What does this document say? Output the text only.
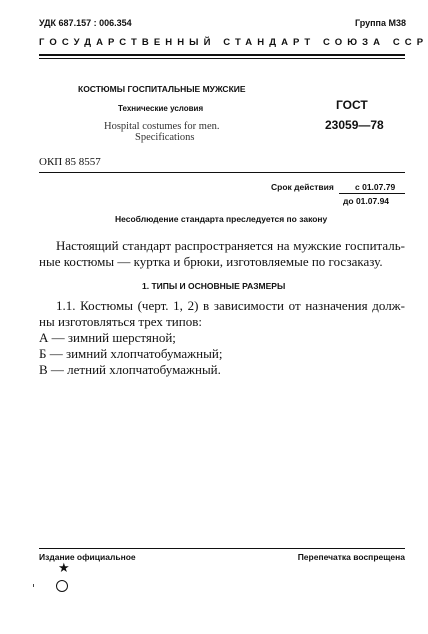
УДК 687.157 : 006.354	Группа М38
ГОСУДАРСТВЕННЫЙ СТАНДАРТ СОЮЗА ССР
КОСТЮМЫ ГОСПИТАЛЬНЫЕ МУЖСКИЕ
Технические условия
Hospital costumes for men.
Specifications
ГОСТ
23059—78
ОКП 85 8557
Срок действия с 01.07.79
до 01.07.94
Несоблюдение стандарта преследуется по закону
Настоящий стандарт распространяется на мужские госпиталь-
ные костюмы — куртка и брюки, изготовляемые по госзаказу.
1. ТИПЫ И ОСНОВНЫЕ РАЗМЕРЫ
1.1. Костюмы (черт. 1, 2) в зависимости от назначения долж-
ны изготовляться трех типов:
А — зимний шерстяной;
Б — зимний хлопчатобумажный;
В — летний хлопчатобумажный.
Издание официальное	Перепечатка воспрещена
★
